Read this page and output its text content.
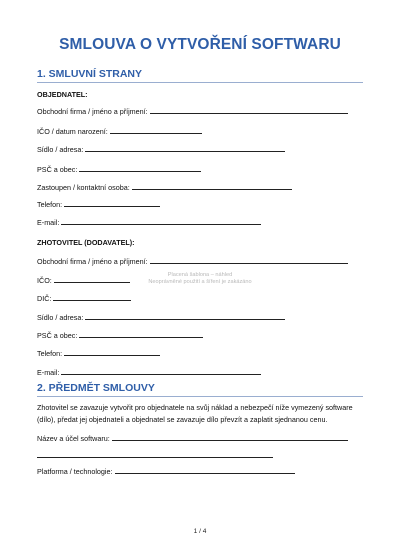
SMLOUVA O VYTVOŘENÍ SOFTWARU
1. SMLUVNÍ STRANY
OBJEDNATEL:
Obchodní firma / jméno a příjmení:
IČO / datum narození:
Sídlo / adresa:
PSČ a obec:
Zastoupen / kontaktní osoba:
Telefon:
E-mail:
ZHOTOVITEL (DODAVATEL):
Obchodní firma / jméno a příjmení:
IČO:
DIČ:
Sídlo / adresa:
PSČ a obec:
Telefon:
E-mail:
2. PŘEDMĚT SMLOUVY
Zhotovitel se zavazuje vytvořit pro objednatele na svůj náklad a nebezpečí níže vymezený software (dílo), předat jej objednateli a objednatel se zavazuje dílo převzít a zaplatit sjednanou cenu.
Název a účel softwaru:
Platforma / technologie:
Placená šablona – náhled
Neoprávněné použití a šíření je zakázáno
1 / 4
